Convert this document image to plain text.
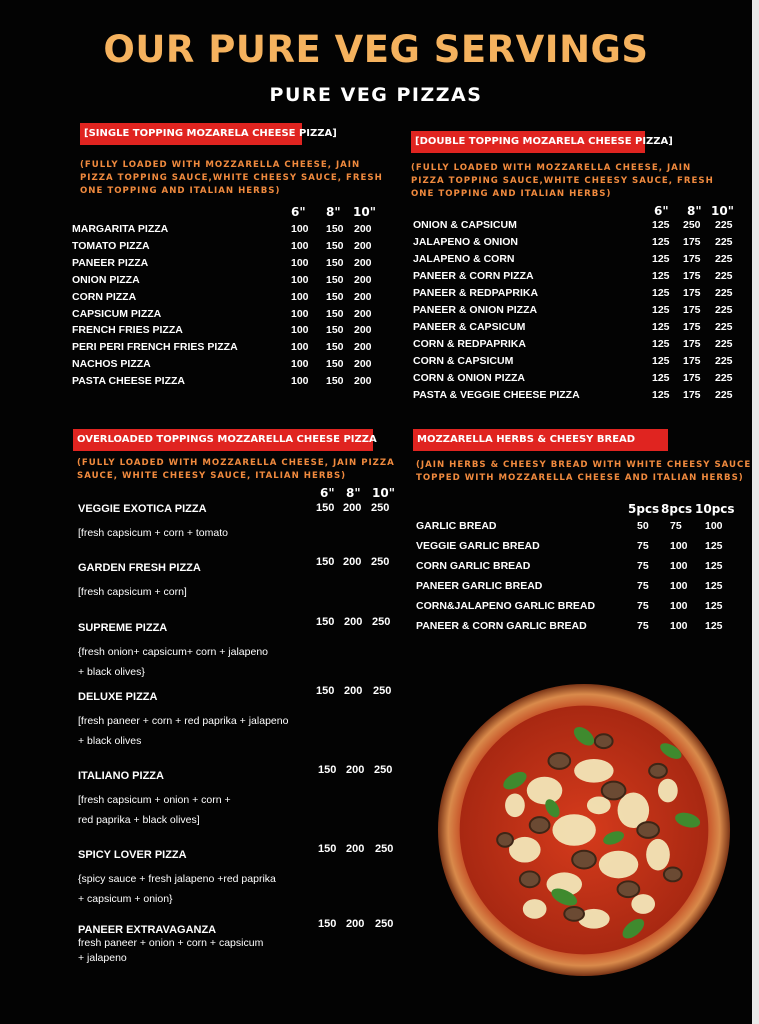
OUR PURE VEG SERVINGS
PURE VEG PIZZAS
[SINGLE TOPPING MOZARELA CHEESE PIZZA]
(FULLY LOADED WITH MOZZARELLA CHEESE, JAIN
PIZZA TOPPING SAUCE,WHITE CHEESY SAUCE, FRESH
ONE TOPPING AND ITALIAN HERBS)
6" 8" 10"
MARGARITA PIZZA	100 150 200
TOMATO PIZZA	100 150 200
PANEER PIZZA	100 150 200
ONION PIZZA	100 150 200
CORN PIZZA	100 150 200
CAPSICUM PIZZA	100 150 200
FRENCH FRIES PIZZA	100 150 200
PERI PERI FRENCH FRIES PIZZA	100 150 200
NACHOS PIZZA	100 150 200
PASTA CHEESE PIZZA	100 150 200
[DOUBLE TOPPING MOZARELA CHEESE PIZZA]
(FULLY LOADED WITH MOZZARELLA CHEESE, JAIN
PIZZA TOPPING SAUCE,WHITE CHEESY SAUCE, FRESH
ONE TOPPING AND ITALIAN HERBS)
6" 8" 10"
ONION & CAPSICUM	125 250 225
JALAPENO & ONION	125 175 225
JALAPENO & CORN	125 175 225
PANEER & CORN PIZZA	125 175 225
PANEER & REDPAPRIKA	125 175 225
PANEER & ONION PIZZA	125 175 225
PANEER & CAPSICUM	125 175 225
CORN & REDPAPRIKA	125 175 225
CORN & CAPSICUM	125 175 225
CORN & ONION PIZZA	125 175 225
PASTA & VEGGIE CHEESE PIZZA	125 175 225
OVERLOADED TOPPINGS MOZZARELLA CHEESE PIZZA
(FULLY LOADED WITH MOZZARELLA CHEESE, JAIN PIZZA
SAUCE, WHITE CHEESY SAUCE, ITALIAN HERBS)
6" 8" 10"
VEGGIE EXOTICA PIZZA	150 200 250
[fresh capsicum + corn + tomato
GARDEN FRESH PIZZA	150 200 250
[fresh capsicum + corn]
SUPREME PIZZA	150 200 250
{fresh onion+ capsicum+ corn + jalapeno
+ black olives}
DELUXE PIZZA	150 200 250
[fresh paneer + corn + red paprika + jalapeno
+ black olives
ITALIANO PIZZA	150 200 250
[fresh capsicum + onion + corn +
red paprika + black olives]
SPICY LOVER PIZZA	150 200 250
{spicy sauce + fresh jalapeno +red paprika
+ capsicum + onion}
PANEER EXTRAVAGANZA	150 200 250
fresh paneer + onion + corn + capsicum
+ jalapeno
MOZZARELLA HERBS & CHEESY BREAD
(JAIN HERBS & CHEESY BREAD WITH WHITE CHEESY SAUCE
TOPPED WITH MOZZARELLA CHEESE AND ITALIAN HERBS)
5pcs 8pcs 10pcs
GARLIC BREAD	50 75 100
VEGGIE GARLIC BREAD	75 100 125
CORN GARLIC BREAD	75 100 125
PANEER GARLIC BREAD	75 100 125
CORN&JALAPENO GARLIC BREAD	75 100 125
PANEER & CORN GARLIC BREAD	75 100 125
